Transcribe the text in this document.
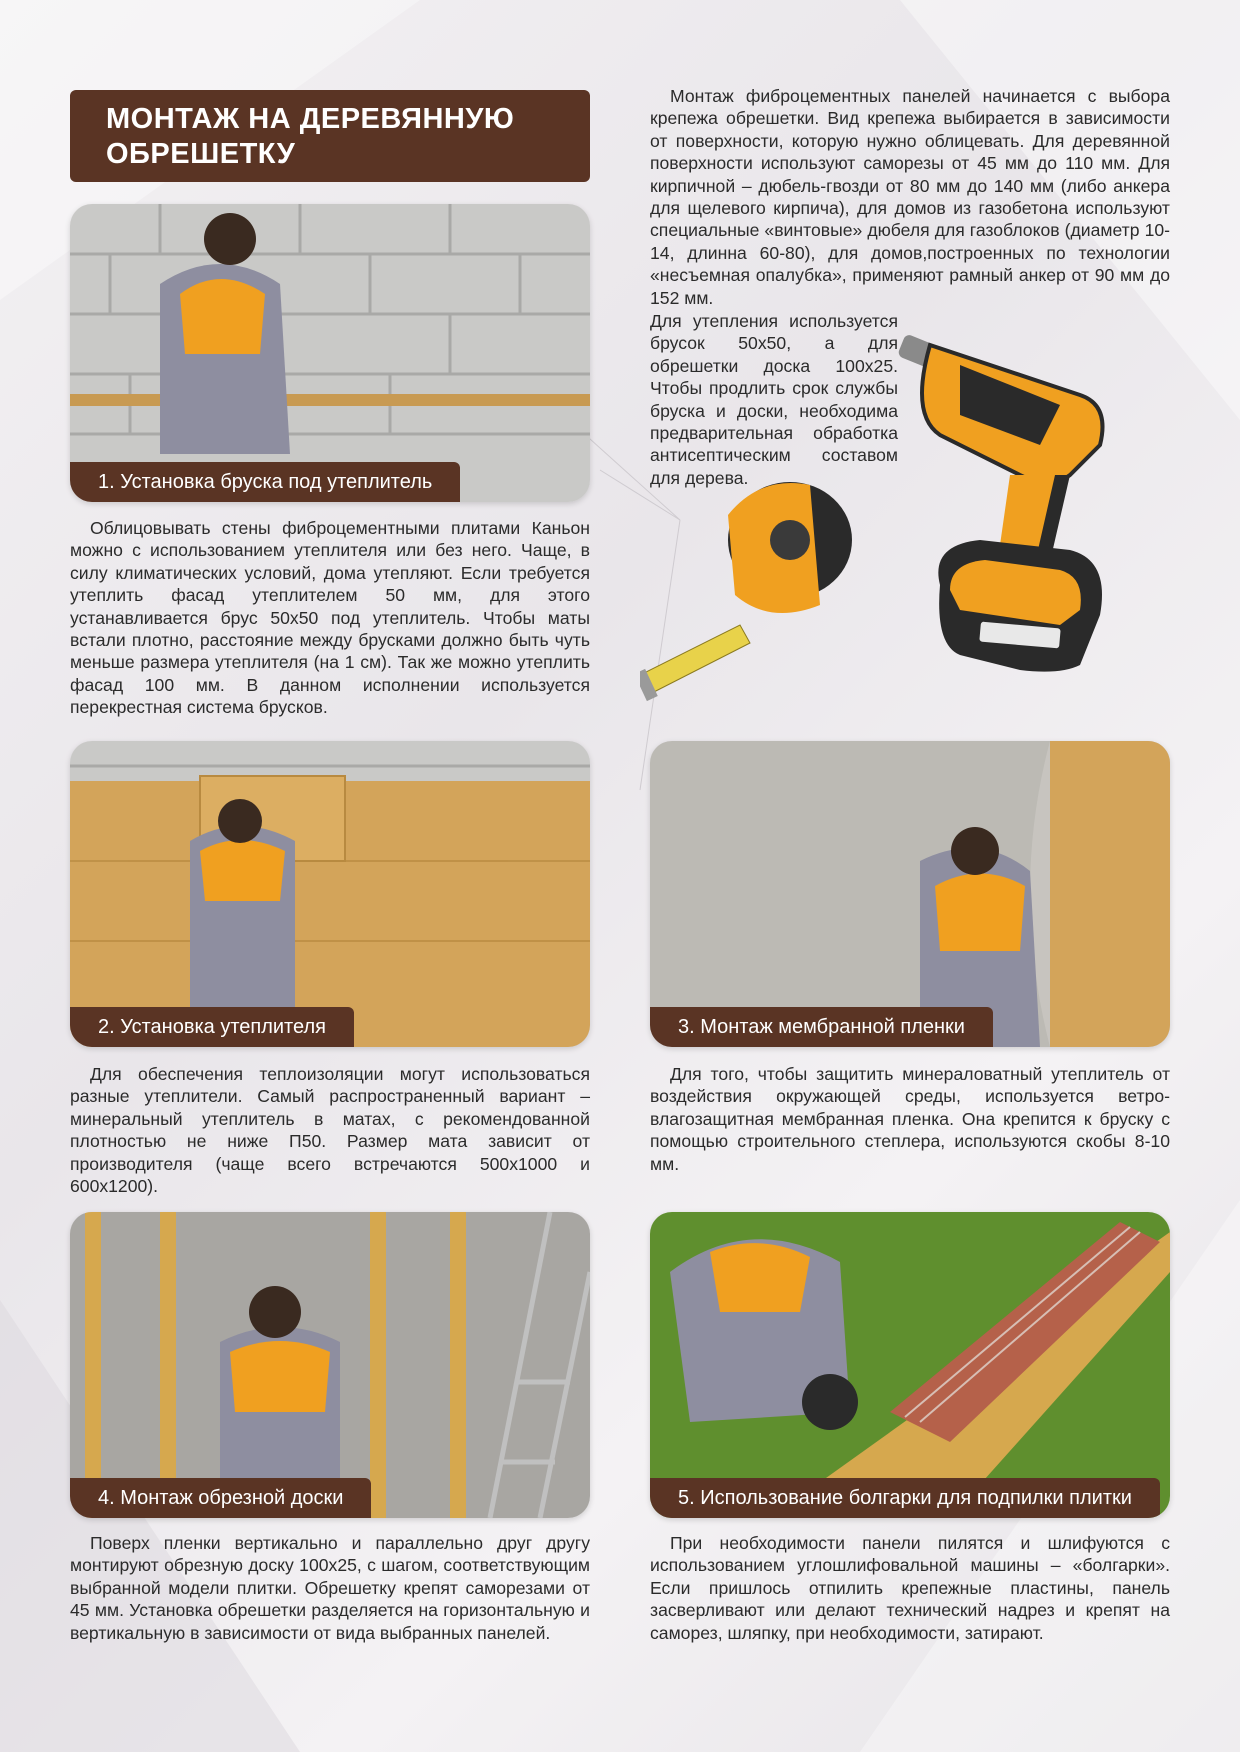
МОНТАЖ НА ДЕРЕВЯННУЮ ОБРЕШЕТКУ

Монтаж фиброцементных панелей начинается с выбора крепежа обрешетки. Вид крепежа выбирается в зависимости от поверхности, которую нужно облицевать. Для деревянной поверхности используют саморезы от 45 мм до 110 мм. Для кирпичной – дюбель-гвозди от 80 мм до 140 мм (либо анкера для щелевого кирпича), для домов из газобетона используют специальные «винтовые» дюбеля для газоблоков (диаметр 10-14, длинна 60-80), для домов,построенных по технологии «несъемная опалубка», применяют рамный анкер от 90 мм до 152 мм.

Для утепления используется брусок 50х50, а для обрешетки доска 100х25. Чтобы продлить срок службы бруска и доски, необходима предварительная обработка антисептическим составом для дерева.

1. Установка бруска под утеплитель

Облицовывать стены фиброцементными плитами Каньон можно с использованием утеплителя или без него. Чаще, в силу климатических условий, дома утепляют. Если требуется утеплить фасад утеплителем 50 мм, для этого устанавливается брус 50х50 под утеплитель. Чтобы маты встали плотно, расстояние между брусками должно быть чуть меньше размера утеплителя (на 1 см). Так же можно утеплить фасад 100 мм. В данном исполнении используется перекрестная система брусков.

2. Установка утеплителя

Для обеспечения теплоизоляции могут использоваться разные утеплители. Самый распространенный вариант – минеральный утеплитель в матах, с рекомендованной плотностью не ниже П50. Размер мата зависит от производителя (чаще всего встречаются 500х1000 и 600х1200).

3. Монтаж мембранной пленки

Для того, чтобы защитить минераловатный утеплитель от воздействия окружающей среды, используется ветро-влагозащитная мембранная пленка. Она крепится к бруску с помощью строительного степлера, используются скобы 8-10 мм.

4. Монтаж обрезной доски

Поверх пленки вертикально и параллельно друг другу монтируют обрезную доску 100х25, с шагом, соответствующим выбранной модели плитки. Обрешетку крепят саморезами от 45 мм. Установка обрешетки разделяется на горизонтальную и вертикальную в зависимости от вида выбранных панелей.

5. Использование болгарки для подпилки плитки

При необходимости панели пилятся и шлифуются с использованием углошлифовальной машины – «болгарки». Если пришлось отпилить крепежные пластины, панель засверливают или делают технический надрез и крепят на саморез, шляпку, при необходимости, затирают.
